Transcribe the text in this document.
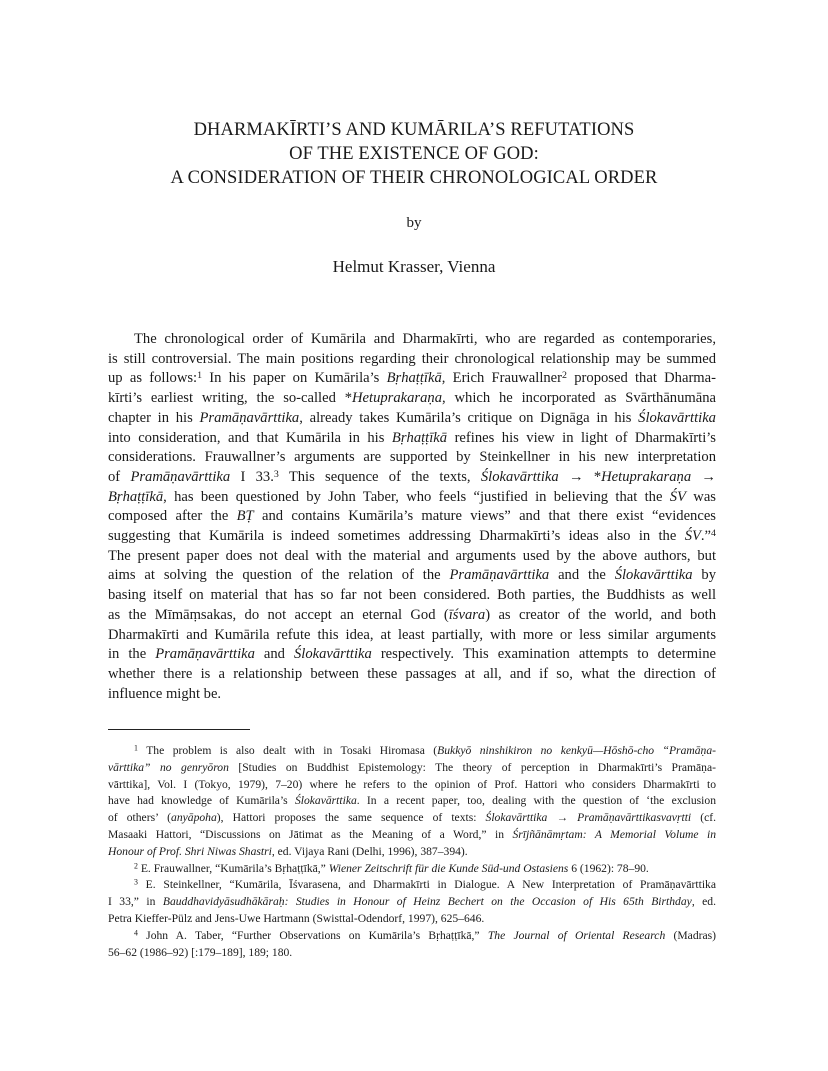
DHARMAKĪRTI’S AND KUMĀRILA’S REFUTATIONS
OF THE EXISTENCE OF GOD:
A CONSIDERATION OF THEIR CHRONOLOGICAL ORDER
by
Helmut Krasser, Vienna
The chronological order of Kumārila and Dharmakīrti, who are regarded as contemporaries,
is still controversial. The main positions regarding their chronological relationship may be summed
up as follows:$^1$ In his paper on Kumārila’s Bṛhaṭṭīkā, Erich Frauwallner$^2$ proposed that Dharma-
kīrti’s earliest writing, the so-called *Hetuprakaraṇa, which he incorporated as Svārthānumāna
chapter in his Pramāṇavārttika, already takes Kumārila’s critique on Dignāga in his Ślokavārttika
into consideration, and that Kumārila in his Bṛhaṭṭīkā refines his view in light of Dharmakīrti’s
considerations. Frauwallner’s arguments are supported by Steinkellner in his new interpretation
of Pramāṇavārttika I 33.$^3$ This sequence of the texts, Ślokavārttika → *Hetuprakaraṇa →
Bṛhaṭṭīkā, has been questioned by John Taber, who feels “justified in believing that the ŚV was
composed after the BṬ and contains Kumārila’s mature views” and that there exist “evidences
suggesting that Kumārila is indeed sometimes addressing Dharmakīrti’s ideas also in the ŚV.”$^4$
The present paper does not deal with the material and arguments used by the above authors, but
aims at solving the question of the relation of the Pramāṇavārttika and the Ślokavārttika by
basing itself on material that has so far not been considered. Both parties, the Buddhists as well
as the Mīmāṃsakas, do not accept an eternal God (īśvara) as creator of the world, and both
Dharmakīrti and Kumārila refute this idea, at least partially, with more or less similar arguments
in the Pramāṇavārttika and Ślokavārttika respectively. This examination attempts to determine
whether there is a relationship between these passages at all, and if so, what the direction of
influence might be.
$^1$ The problem is also dealt with in Tosaki Hiromasa (Bukkyō ninshikiron no kenkyū—Hōshō-cho “Pramāṇa-
vārttika” no genryōron [Studies on Buddhist Epistemology: The theory of perception in Dharmakīrti’s Pramāṇa-
vārttika], Vol. I (Tokyo, 1979), 7–20) where he refers to the opinion of Prof. Hattori who considers Dharmakīrti to
have had knowledge of Kumārila’s Ślokavārttika. In a recent paper, too, dealing with the question of ‘the exclusion
of others’ (anyāpoha), Hattori proposes the same sequence of texts: Ślokavārttika → Pramāṇavārttikasvavṛtti (cf.
Masaaki Hattori, “Discussions on Jātimat as the Meaning of a Word,” in Śrījñānāmṛtam: A Memorial Volume in
Honour of Prof. Shri Niwas Shastri, ed. Vijaya Rani (Delhi, 1996), 387–394).
$^2$ E. Frauwallner, “Kumārila’s Bṛhaṭṭīkā,” Wiener Zeitschrift für die Kunde Süd-und Ostasiens 6 (1962): 78–90.
$^3$ E. Steinkellner, “Kumārila, Īśvarasena, and Dharmakīrti in Dialogue. A New Interpretation of Pramāṇavārttika
I 33,” in Bauddhavidyāsudhākāraḥ: Studies in Honour of Heinz Bechert on the Occasion of His 65th Birthday, ed.
Petra Kieffer-Pülz and Jens-Uwe Hartmann (Swisttal-Odendorf, 1997), 625–646.
$^4$ John A. Taber, “Further Observations on Kumārila’s Bṛhaṭṭīkā,” The Journal of Oriental Research (Madras)
56–62 (1986–92) [:179–189], 189; 180.
